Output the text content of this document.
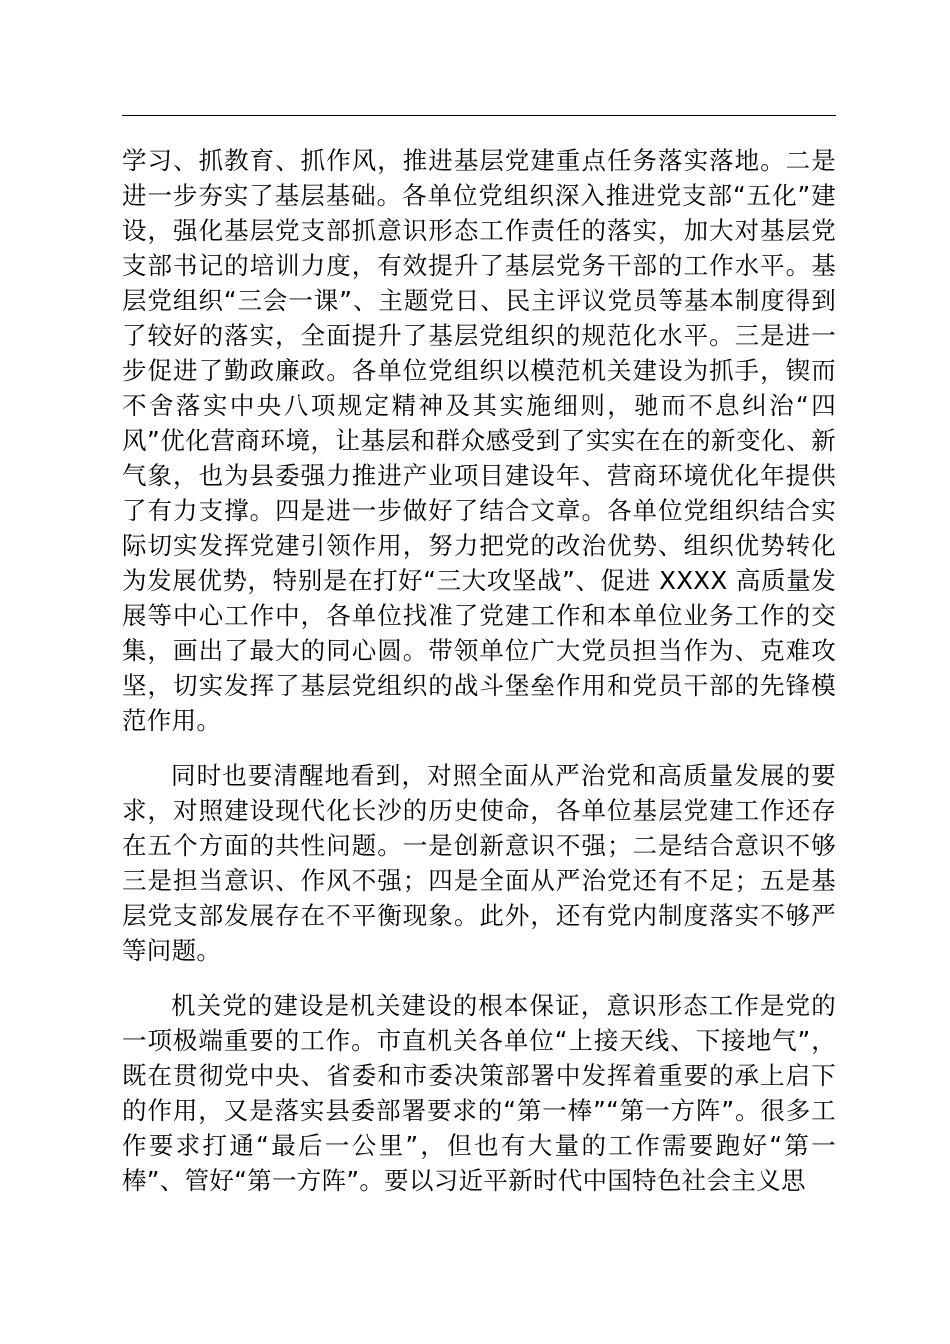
学习、抓教育、抓作风，推进基层党建重点任务落实落地。二是进一步夯实了基层基础。各单位党组织深入推进党支部“五化”建设，强化基层党支部抓意识形态工作责任的落实，加大对基层党支部书记的培训力度，有效提升了基层党务干部的工作水平。基层党组织“三会一课”、主题党日、民主评议党员等基本制度得到了较好的落实，全面提升了基层党组织的规范化水平。三是进一步促进了勤政廉政。各单位党组织以模范机关建设为抓手，锲而不舍落实中央八项规定精神及其实施细则，驰而不息纠治“四风”优化营商环境，让基层和群众感受到了实实在在的新变化、新气象，也为县委强力推进产业项目建设年、营商环境优化年提供了有力支撑。四是进一步做好了结合文章。各单位党组织结合实际切实发挥党建引领作用，努力把党的改治优势、组织优势转化为发展优势，特别是在打好“三大攻坚战”、促进 XXXX 高质量发展等中心工作中，各单位找准了党建工作和本单位业务工作的交集，画出了最大的同心圆。带领单位广大党员担当作为、克难攻坚，切实发挥了基层党组织的战斗堡垒作用和党员干部的先锋模范作用。

同时也要清醒地看到，对照全面从严治党和高质量发展的要求，对照建设现代化长沙的历史使命，各单位基层党建工作还存在五个方面的共性问题。一是创新意识不强；二是结合意识不够三是担当意识、作风不强；四是全面从严治党还有不足；五是基层党支部发展存在不平衡现象。此外，还有党内制度落实不够严等问题。

机关党的建设是机关建设的根本保证，意识形态工作是党的一项极端重要的工作。市直机关各单位“上接天线、下接地气”，既在贯彻党中央、省委和市委决策部署中发挥着重要的承上启下的作用，又是落实县委部署要求的“第一棒”“第一方阵”。很多工作要求打通“最后一公里”，但也有大量的工作需要跑好“第一棒”、管好“第一方阵”。要以习近平新时代中国特色社会主义思
